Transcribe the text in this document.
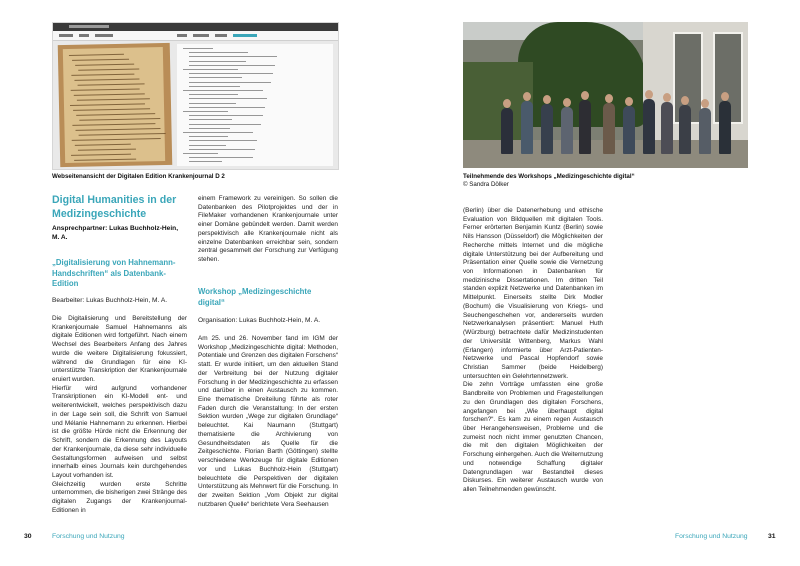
Webseitenansicht der Digitalen Edition Krankenjournal D 2
Digital Humanities in der Medizingeschichte
Ansprechpartner: Lukas Buchholz-Hein, M. A.
„Digitalisierung von Hahnemann-Handschriften“ als Datenbank-Edition
Bearbeiter: Lukas Buchholz-Hein, M. A.
Die Digitalisierung und Bereitstellung der Krankenjournale Samuel Hahnemanns als digitale Editionen wird fortgeführt. Nach einem Wechsel des Bearbeiters Anfang des Jahres wurde die weitere Digitalisierung fokussiert, während die Grundlagen für eine KI-unterstützte Transkription der Krankenjournale eruiert wurden.
Hierfür wird aufgrund vorhandener Transkriptionen ein KI-Modell ent- und weiterentwickelt, welches perspektivisch dazu in der Lage sein soll, die Schrift von Samuel und Mélanie Hahnemann zu erkennen. Hierbei ist die größte Hürde nicht die Erkennung der Schrift, sondern die Erkennung des Layouts der Krankenjournale, da diese sehr individuelle Gestaltungsformen aufweisen und selbst innerhalb eines Journals kein durchgehendes Layout vorhanden ist.
Gleichzeitig wurden erste Schritte unternommen, die bisherigen zwei Stränge des digitalen Zugangs der Krankenjournal-Editionen in
einem Framework zu vereinigen. So sollen die Datenbanken des Pilotprojektes und der in FileMaker vorhandenen Krankenjournale unter einer Domäne gebündelt werden. Damit werden perspektivisch alle Krankenjournale nicht als einzelne Datenbanken erreichbar sein, sondern zentral gesammelt der Forschung zur Verfügung stehen.
Workshop „Medizingeschichte digital“
Organisation: Lukas Buchholz-Hein, M. A.
Am 25. und 26. November fand im IGM der Workshop „Medizingeschichte digital: Methoden, Potentiale und Grenzen des digitalen Forschens“ statt. Er wurde initiiert, um den aktuellen Stand der Verbreitung bei der Nutzung digitaler Forschung in der Medizingeschichte zu erfassen und darüber in einen Austausch zu kommen. Eine thematische Dreiteilung führte als roter Faden durch die Veranstaltung: In der ersten Sektion wurden „Wege zur digitalen Grundlage“ beleuchtet. Kai Naumann (Stuttgart) thematisierte die Archivierung von Gesundheitsdaten als Quelle für die Zeitgeschichte. Florian Barth (Göttingen) stellte verschiedene Werkzeuge für digitale Editionen vor und Lukas Buchholz-Hein (Stuttgart) beleuchtete die Perspektiven der digitalen Unterstützung als Mehrwert für die Forschung. In der zweiten Sektion „Vom Objekt zur digital nutzbaren Quelle“ berichtete Vera Seehausen
30	Forschung und Nutzung
Teilnehmende des Workshops „Medizingeschichte digital“
© Sandra Dölker
(Berlin) über die Datenerhebung und ethische Evaluation von Bildquellen mit digitalen Tools. Ferner erörterten Benjamin Kuntz (Berlin) sowie Nils Hansson (Düsseldorf) die Möglichkeiten der Recherche mittels Internet und die mögliche digitale Unterstützung bei der Aufbereitung und Präsentation einer Quelle sowie die Vernetzung von Informationen in Datenbanken für medizinische Dissertationen. Im dritten Teil standen explizit Netzwerke und Datenbanken im Mittelpunkt. Einerseits stellte Dirk Modler (Bochum) die Visualisierung von Kriegs- und Seuchengeschehen vor, andererseits wurden Netzwerkanalysen präsentiert: Manuel Huth (Würzburg) betrachtete dafür Medizinstudenten der Universität Wittenberg, Markus Wahl (Erlangen) informierte über Arzt-Patienten-Netzwerke und Pascal Hopfendorf sowie Christian Sammer (beide Heidelberg) untersuchten ein Gelehrtennetzwerk.
Die zehn Vorträge umfassten eine große Bandbreite von Problemen und Fragestellungen zu den Grundlagen des digitalen Forschens, angefangen bei „Wie überhaupt digital forschen?“. Es kam zu einem regen Austausch über Herangehensweisen, Probleme und die zumeist noch nicht immer genutzten Chancen, die mit den digitalen Möglichkeiten der Forschung einhergehen. Auch die Weiternutzung und notwendige Schaffung digitaler Datengrundlagen war Bestandteil dieses Diskurses. Ein weiterer Austausch wurde von allen Teilnehmenden gewünscht.
Forschung und Nutzung	31
